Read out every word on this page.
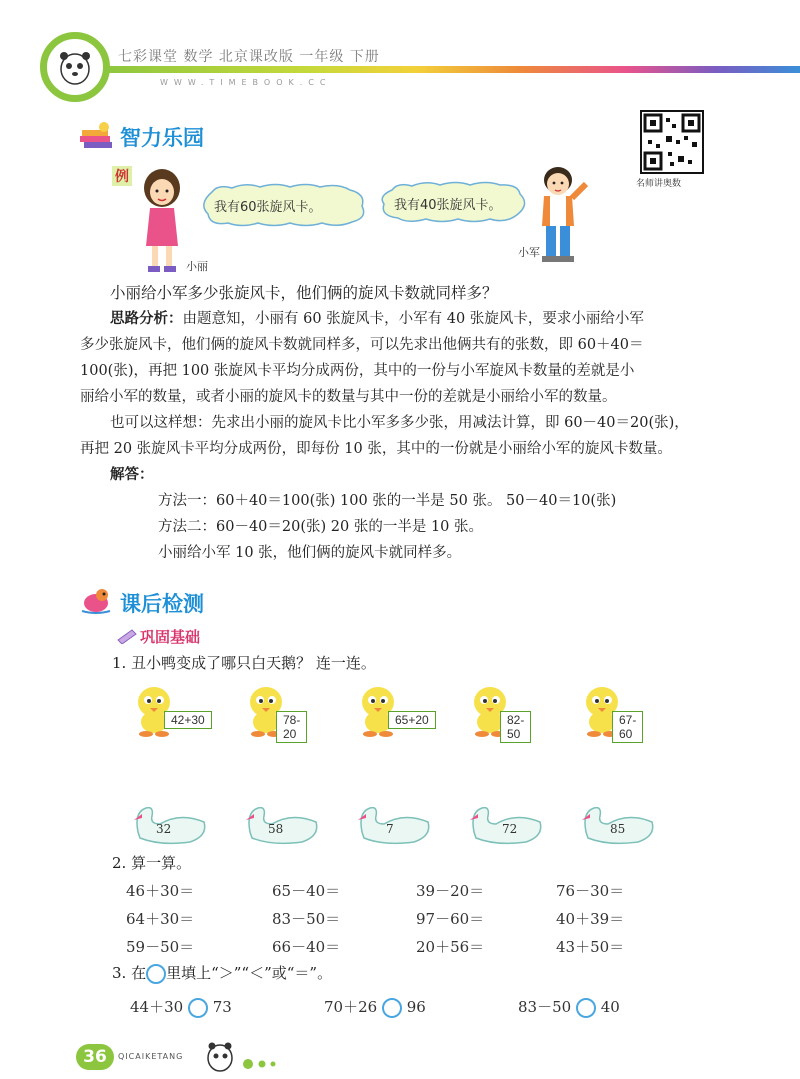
七彩课堂 数学 北京课改版 一年级 下册
WWW.TIMEBOOK.CC
智力乐园
名师讲奥数
例
小丽
我有60张旋风卡。	我有40张旋风卡。
小军
小丽给小军多少张旋风卡，他们俩的旋风卡数就同样多？
思路分析：由题意知，小丽有 60 张旋风卡，小军有 40 张旋风卡，要求小丽给小军
多少张旋风卡，他们俩的旋风卡数就同样多，可以先求出他俩共有的张数，即 60＋40＝
100(张)，再把 100 张旋风卡平均分成两份，其中的一份与小军旋风卡数量的差就是小
丽给小军的数量，或者小丽的旋风卡的数量与其中一份的差就是小丽给小军的数量。
也可以这样想：先求出小丽的旋风卡比小军多多少张，用减法计算，即 60－40＝20(张)，
再把 20 张旋风卡平均分成两份，即每份 10 张，其中的一份就是小丽给小军的旋风卡数量。
解答：
方法一：60＋40＝100(张) 100 张的一半是 50 张。 50－40＝10(张)
方法二：60－40＝20(张) 20 张的一半是 10 张。
小丽给小军 10 张，他们俩的旋风卡就同样多。
课后检测
巩固基础
1. 丑小鸭变成了哪只白天鹅？ 连一连。
42+30	78-20
65+20	82-50
67-60
32	58	7	72	85
2. 算一算。
46＋30＝	65－40＝	39－20＝	76－30＝
64＋30＝	83－50＝	97－60＝	40＋39＝
59－50＝	66－40＝	20＋56＝	43＋50＝
3. 在 里填上“＞”“＜”或“＝”。
44＋30 73	70＋26 96	83－50 40
36	QICAIKETANG
